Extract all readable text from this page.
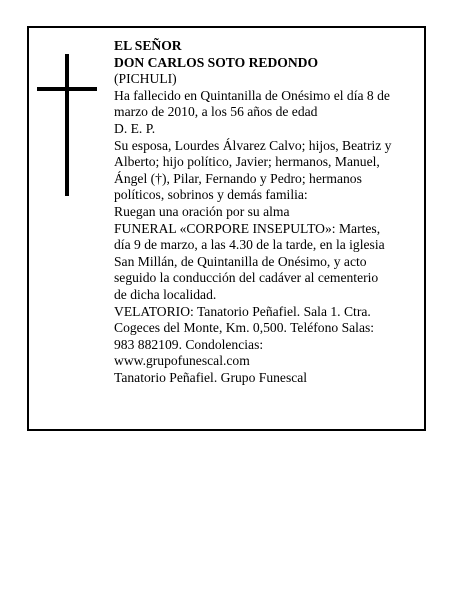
EL SEÑOR

DON CARLOS SOTO REDONDO

(PICHULI)

Ha fallecido en Quintanilla de Onésimo el día 8 de marzo de 2010, a los 56 años de edad

D. E. P.

Su esposa, Lourdes Álvarez Calvo; hijos, Beatriz y Alberto; hijo político, Javier; hermanos, Manuel, Ángel (†), Pilar, Fernando y Pedro; hermanos políticos, sobrinos y demás familia:

Ruegan una oración por su alma

FUNERAL «CORPORE INSEPULTO»: Martes, día 9 de marzo, a las 4.30 de la tarde, en la iglesia San Millán, de Quintanilla de Onésimo, y acto seguido la conducción del cadáver al cementerio de dicha localidad.

VELATORIO: Tanatorio Peñafiel. Sala 1. Ctra. Cogeces del Monte, Km. 0,500. Teléfono Salas: 983 882109. Condolencias: www.grupofunescal.com

Tanatorio Peñafiel. Grupo Funescal
